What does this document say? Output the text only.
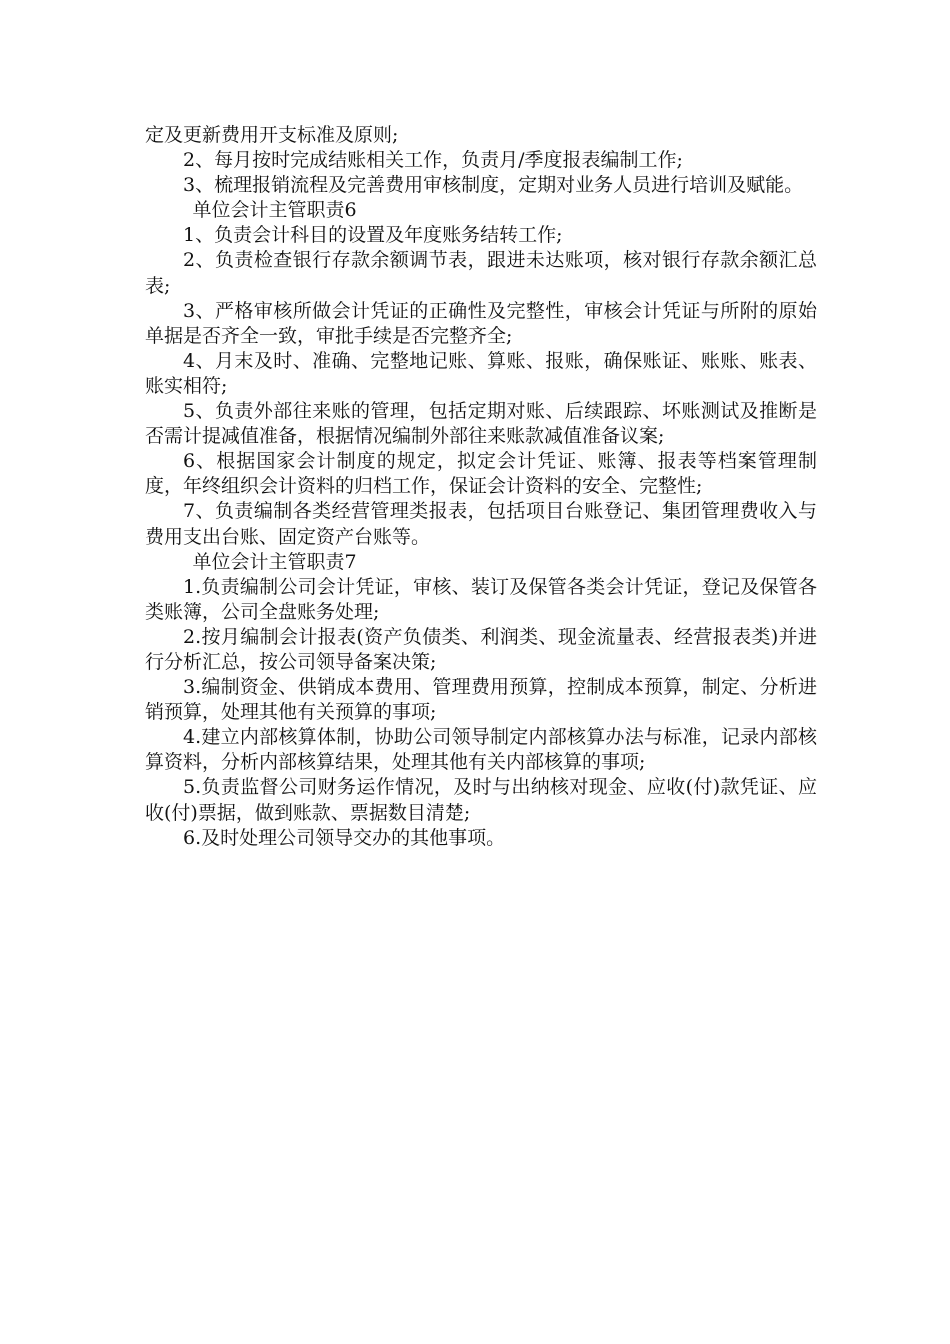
定及更新费用开支标准及原则;

2、每月按时完成结账相关工作，负责月/季度报表编制工作;

3、梳理报销流程及完善费用审核制度，定期对业务人员进行培训及赋能。

单位会计主管职责6

1、负责会计科目的设置及年度账务结转工作;

2、负责检查银行存款余额调节表，跟进未达账项，核对银行存款余额汇总表;

3、严格审核所做会计凭证的正确性及完整性，审核会计凭证与所附的原始单据是否齐全一致，审批手续是否完整齐全;

4、月末及时、准确、完整地记账、算账、报账，确保账证、账账、账表、账实相符;

5、负责外部往来账的管理，包括定期对账、后续跟踪、坏账测试及推断是否需计提减值准备，根据情况编制外部往来账款减值准备议案;

6、根据国家会计制度的规定，拟定会计凭证、账簿、报表等档案管理制度，年终组织会计资料的归档工作，保证会计资料的安全、完整性;

7、负责编制各类经营管理类报表，包括项目台账登记、集团管理费收入与费用支出台账、固定资产台账等。

单位会计主管职责7

1.负责编制公司会计凭证，审核、装订及保管各类会计凭证，登记及保管各类账簿，公司全盘账务处理;

2.按月编制会计报表(资产负债类、利润类、现金流量表、经营报表类)并进行分析汇总，按公司领导备案决策;

3.编制资金、供销成本费用、管理费用预算，控制成本预算，制定、分析进销预算，处理其他有关预算的事项;

4.建立内部核算体制，协助公司领导制定内部核算办法与标准，记录内部核算资料，分析内部核算结果，处理其他有关内部核算的事项;

5.负责监督公司财务运作情况，及时与出纳核对现金、应收(付)款凭证、应收(付)票据，做到账款、票据数目清楚;

6.及时处理公司领导交办的其他事项。
